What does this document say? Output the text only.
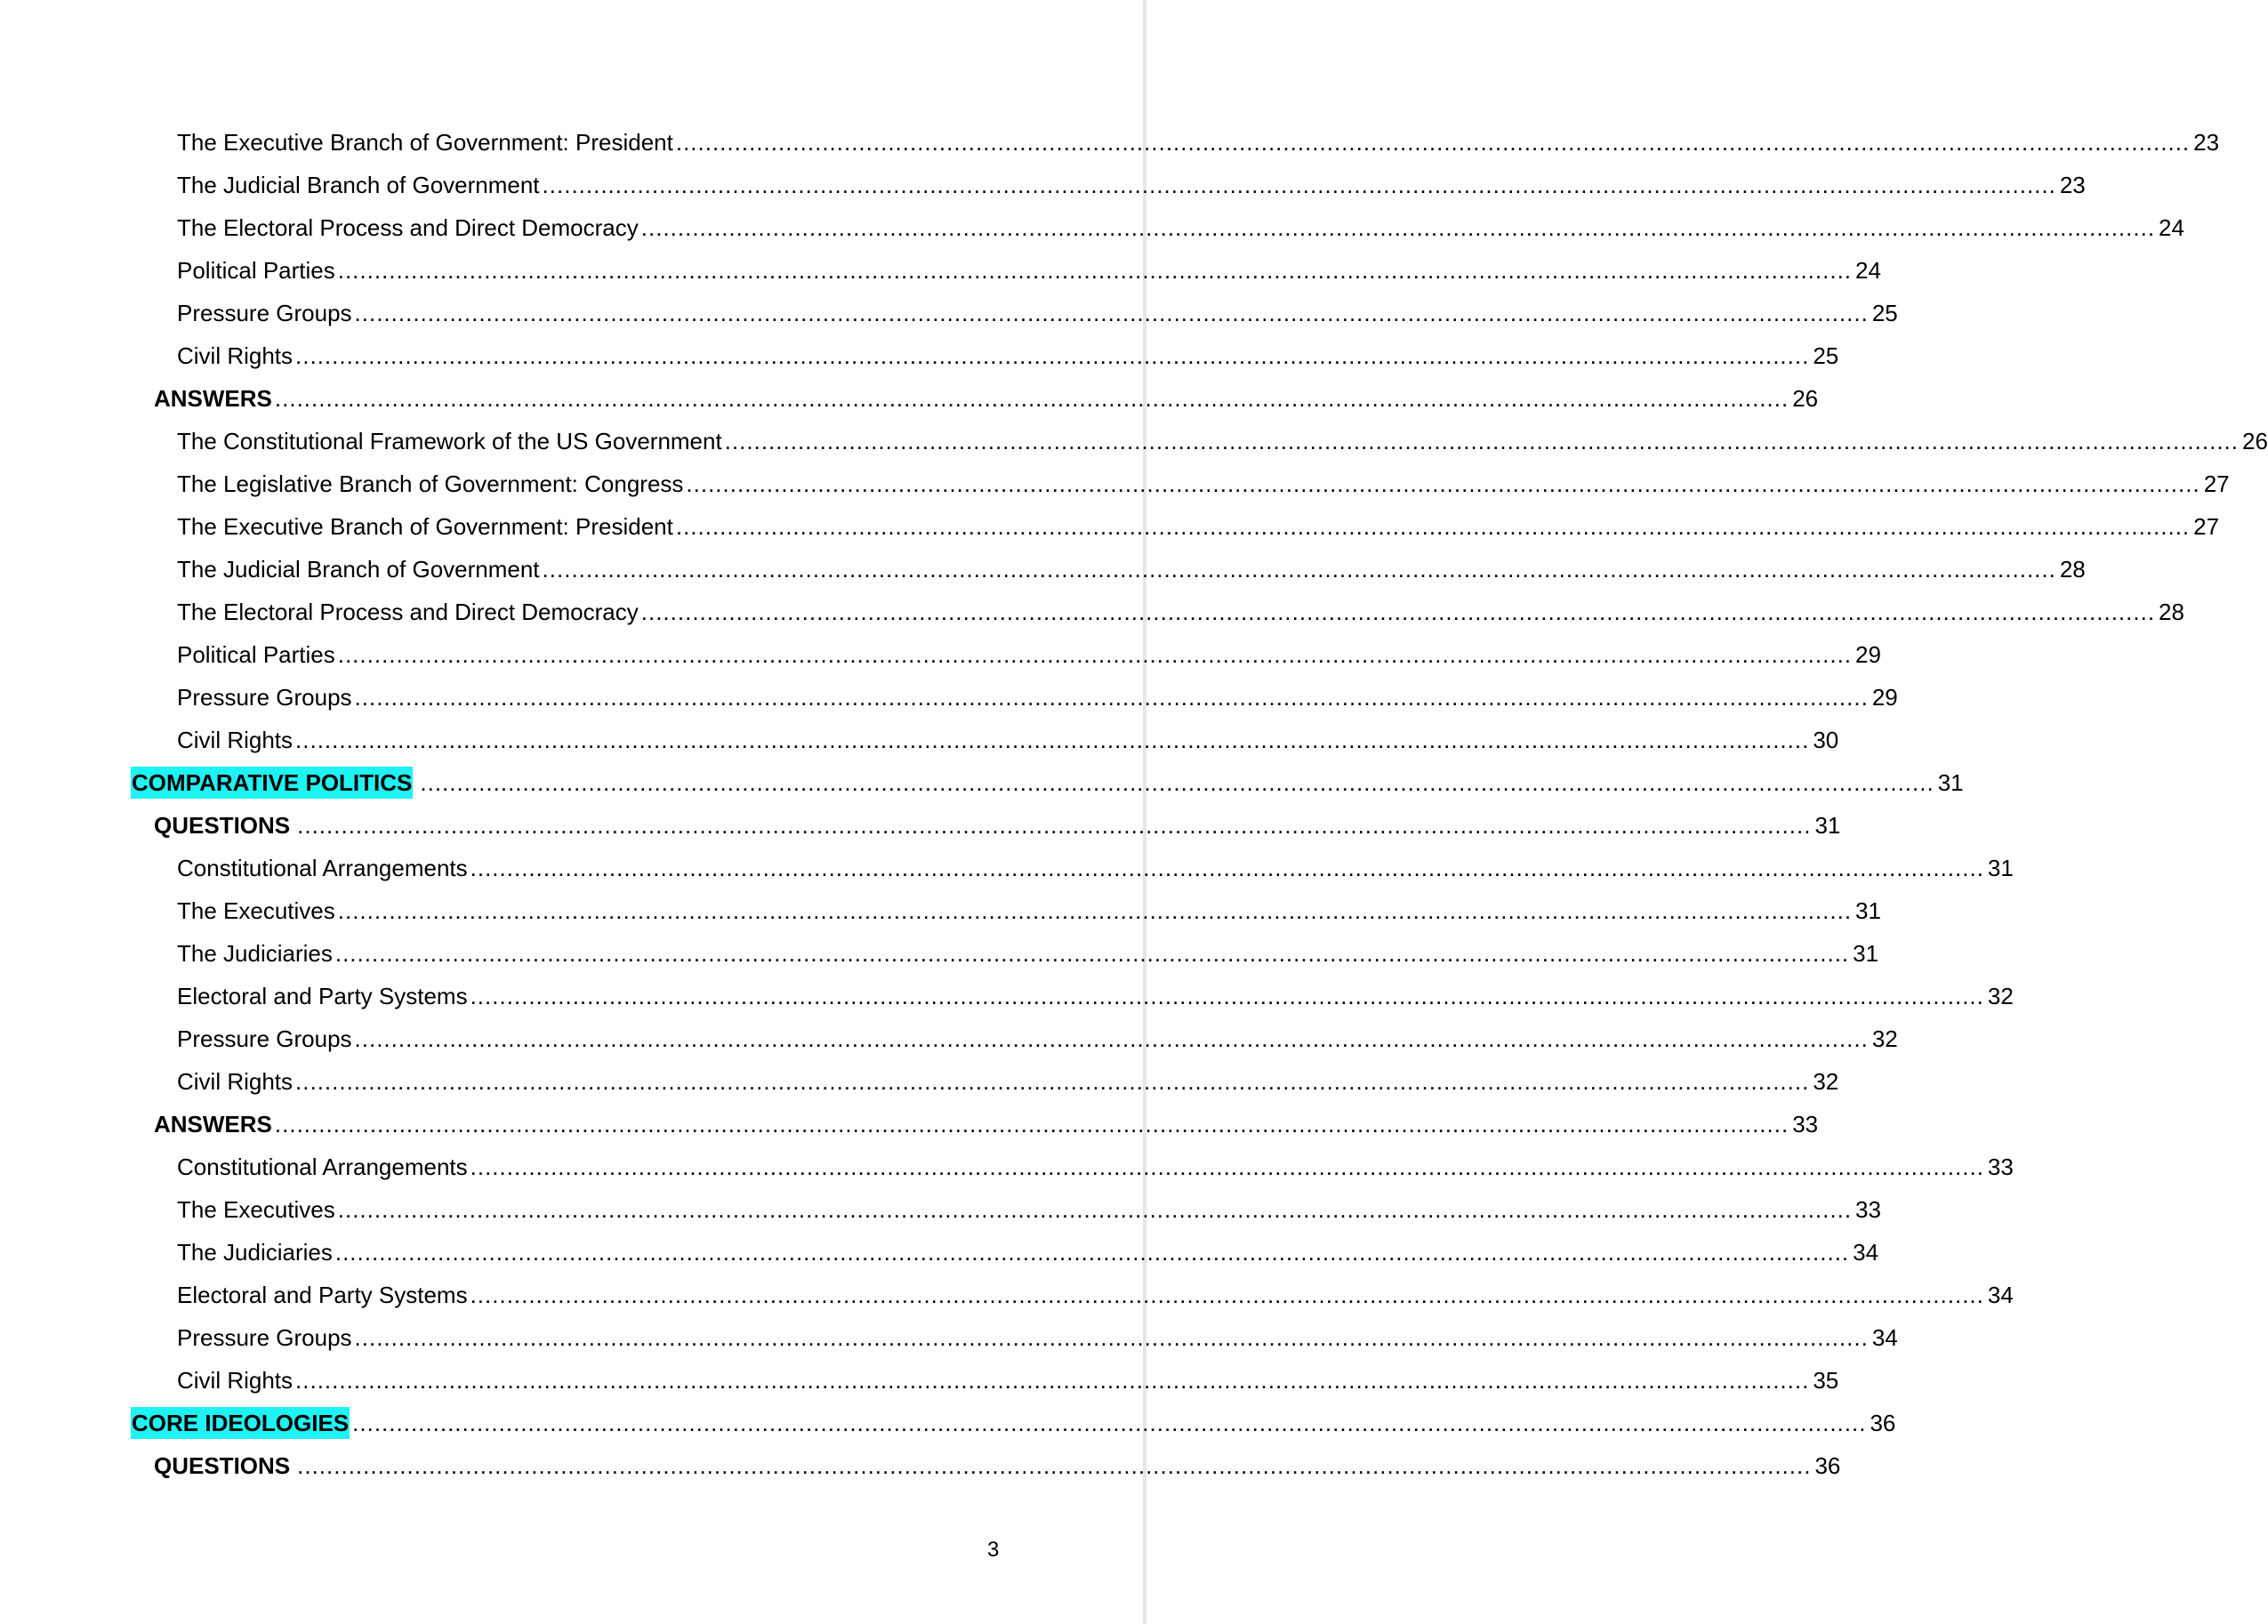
The Executive Branch of Government: President .....	23
The Judicial Branch of Government .....	23
The Electoral Process and Direct Democracy .....	24
Political Parties .....	24
Pressure Groups .....	25
Civil Rights .....	25
ANSWERS .....	26
The Constitutional Framework of the US Government .....	26
The Legislative Branch of Government: Congress .....	27
The Executive Branch of Government: President .....	27
The Judicial Branch of Government .....	28
The Electoral Process and Direct Democracy .....	28
Political Parties .....	29
Pressure Groups .....	29
Civil Rights .....	30
COMPARATIVE POLITICS .....	31
QUESTIONS .....	31
Constitutional Arrangements .....	31
The Executives .....	31
The Judiciaries .....	31
Electoral and Party Systems .....	32
Pressure Groups .....	32
Civil Rights .....	32
ANSWERS .....	33
Constitutional Arrangements .....	33
The Executives .....	33
The Judiciaries .....	34
Electoral and Party Systems .....	34
Pressure Groups .....	34
Civil Rights .....	35
CORE IDEOLOGIES .....	36
QUESTIONS .....	36
3
